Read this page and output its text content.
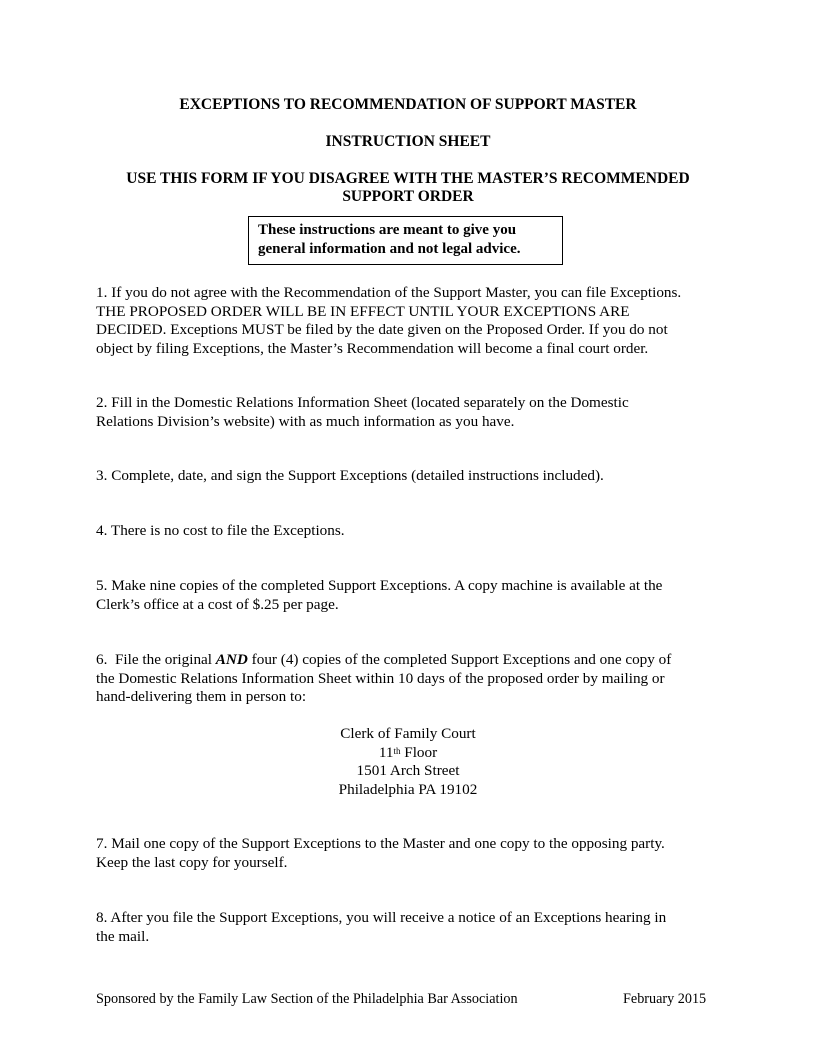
EXCEPTIONS TO RECOMMENDATION OF SUPPORT MASTER
INSTRUCTION SHEET
USE THIS FORM IF YOU DISAGREE WITH THE MASTER’S RECOMMENDED
SUPPORT ORDER
These instructions are meant to give you
general information and not legal advice.
1. If you do not agree with the Recommendation of the Support Master, you can file Exceptions.
THE PROPOSED ORDER WILL BE IN EFFECT UNTIL YOUR EXCEPTIONS ARE
DECIDED. Exceptions MUST be filed by the date given on the Proposed Order. If you do not
object by filing Exceptions, the Master’s Recommendation will become a final court order.
2. Fill in the Domestic Relations Information Sheet (located separately on the Domestic
Relations Division’s website) with as much information as you have.
3. Complete, date, and sign the Support Exceptions (detailed instructions included).
4. There is no cost to file the Exceptions.
5. Make nine copies of the completed Support Exceptions. A copy machine is available at the
Clerk’s office at a cost of $.25 per page.
6.  File the original AND four (4) copies of the completed Support Exceptions and one copy of
the Domestic Relations Information Sheet within 10 days of the proposed order by mailing or
hand-delivering them in person to:
Clerk of Family Court
11th Floor
1501 Arch Street
Philadelphia PA 19102
7. Mail one copy of the Support Exceptions to the Master and one copy to the opposing party.
Keep the last copy for yourself.
8. After you file the Support Exceptions, you will receive a notice of an Exceptions hearing in
the mail.
Sponsored by the Family Law Section of the Philadelphia Bar Association	February 2015
